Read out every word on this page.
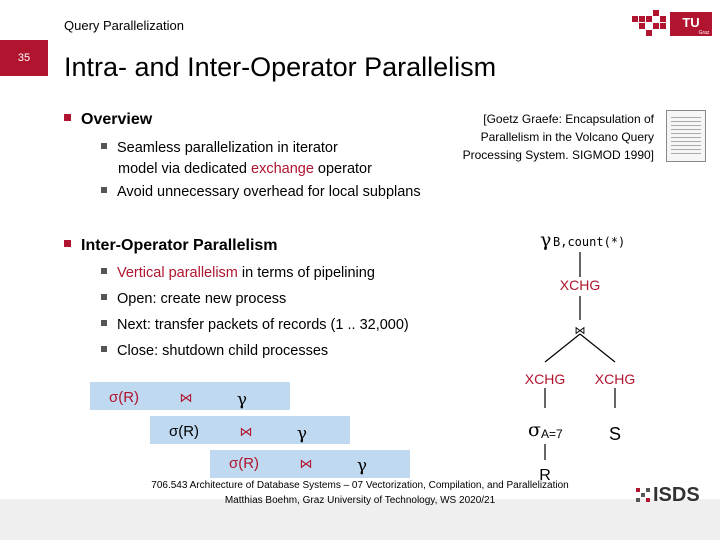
Query Parallelization
35
TU
Graz
Intra- and Inter-Operator Parallelism
Overview
Seamless parallelization in iterator
model via dedicated exchange operator
Avoid unnecessary overhead for local subplans
[Goetz Graefe: Encapsulation of
Parallelism in the Volcano Query
Processing System. SIGMOD 1990]
Inter-Operator Parallelism
Vertical parallelism in terms of pipelining
Open: create new process
Next: transfer packets of records (1 .. 32,000)
Close: shutdown child processes
σ(R)	⋈	γ
σ(R)	⋈	γ
σ(R)	⋈	γ
γ B,count(*)
XCHG
⋈
XCHG XCHG
σ A=7	S
R
706.543 Architecture of Database Systems – 07 Vectorization, Compilation, and Parallelization
Matthias Boehm, Graz University of Technology, WS 2020/21	ISDS
